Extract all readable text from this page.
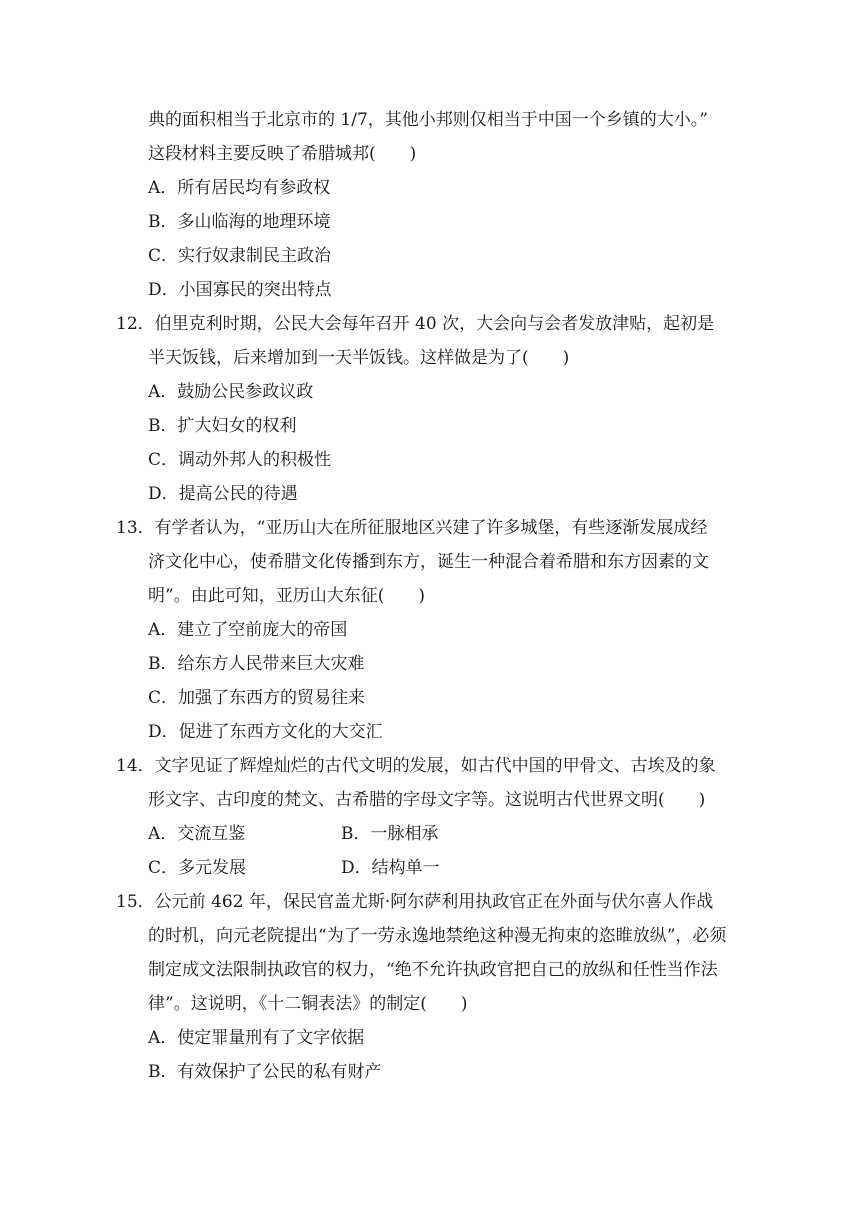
典的面积相当于北京市的 1/7，其他小邦则仅相当于中国一个乡镇的大小。”
这段材料主要反映了希腊城邦(　　)
A．所有居民均有参政权
B．多山临海的地理环境
C．实行奴隶制民主政治
D．小国寡民的突出特点
12．伯里克利时期，公民大会每年召开 40 次，大会向与会者发放津贴，起初是
半天饭钱，后来增加到一天半饭钱。这样做是为了(　　)
A．鼓励公民参政议政
B．扩大妇女的权利
C．调动外邦人的积极性
D．提高公民的待遇
13．有学者认为，“亚历山大在所征服地区兴建了许多城堡，有些逐渐发展成经
济文化中心，使希腊文化传播到东方，诞生一种混合着希腊和东方因素的文
明”。由此可知，亚历山大东征(　　)
A．建立了空前庞大的帝国
B．给东方人民带来巨大灾难
C．加强了东西方的贸易往来
D．促进了东西方文化的大交汇
14．文字见证了辉煌灿烂的古代文明的发展，如古代中国的甲骨文、古埃及的象
形文字、古印度的梵文、古希腊的字母文字等。这说明古代世界文明(　　)
A．交流互鉴	B．一脉相承
C．多元发展	D．结构单一
15．公元前 462 年，保民官盖尤斯·阿尔萨利用执政官正在外面与伏尔喜人作战
的时机，向元老院提出“为了一劳永逸地禁绝这种漫无拘束的恣睢放纵”，必须
制定成文法限制执政官的权力，“绝不允许执政官把自己的放纵和任性当作法
律”。这说明，《十二铜表法》的制定(　　)
A．使定罪量刑有了文字依据
B．有效保护了公民的私有财产
